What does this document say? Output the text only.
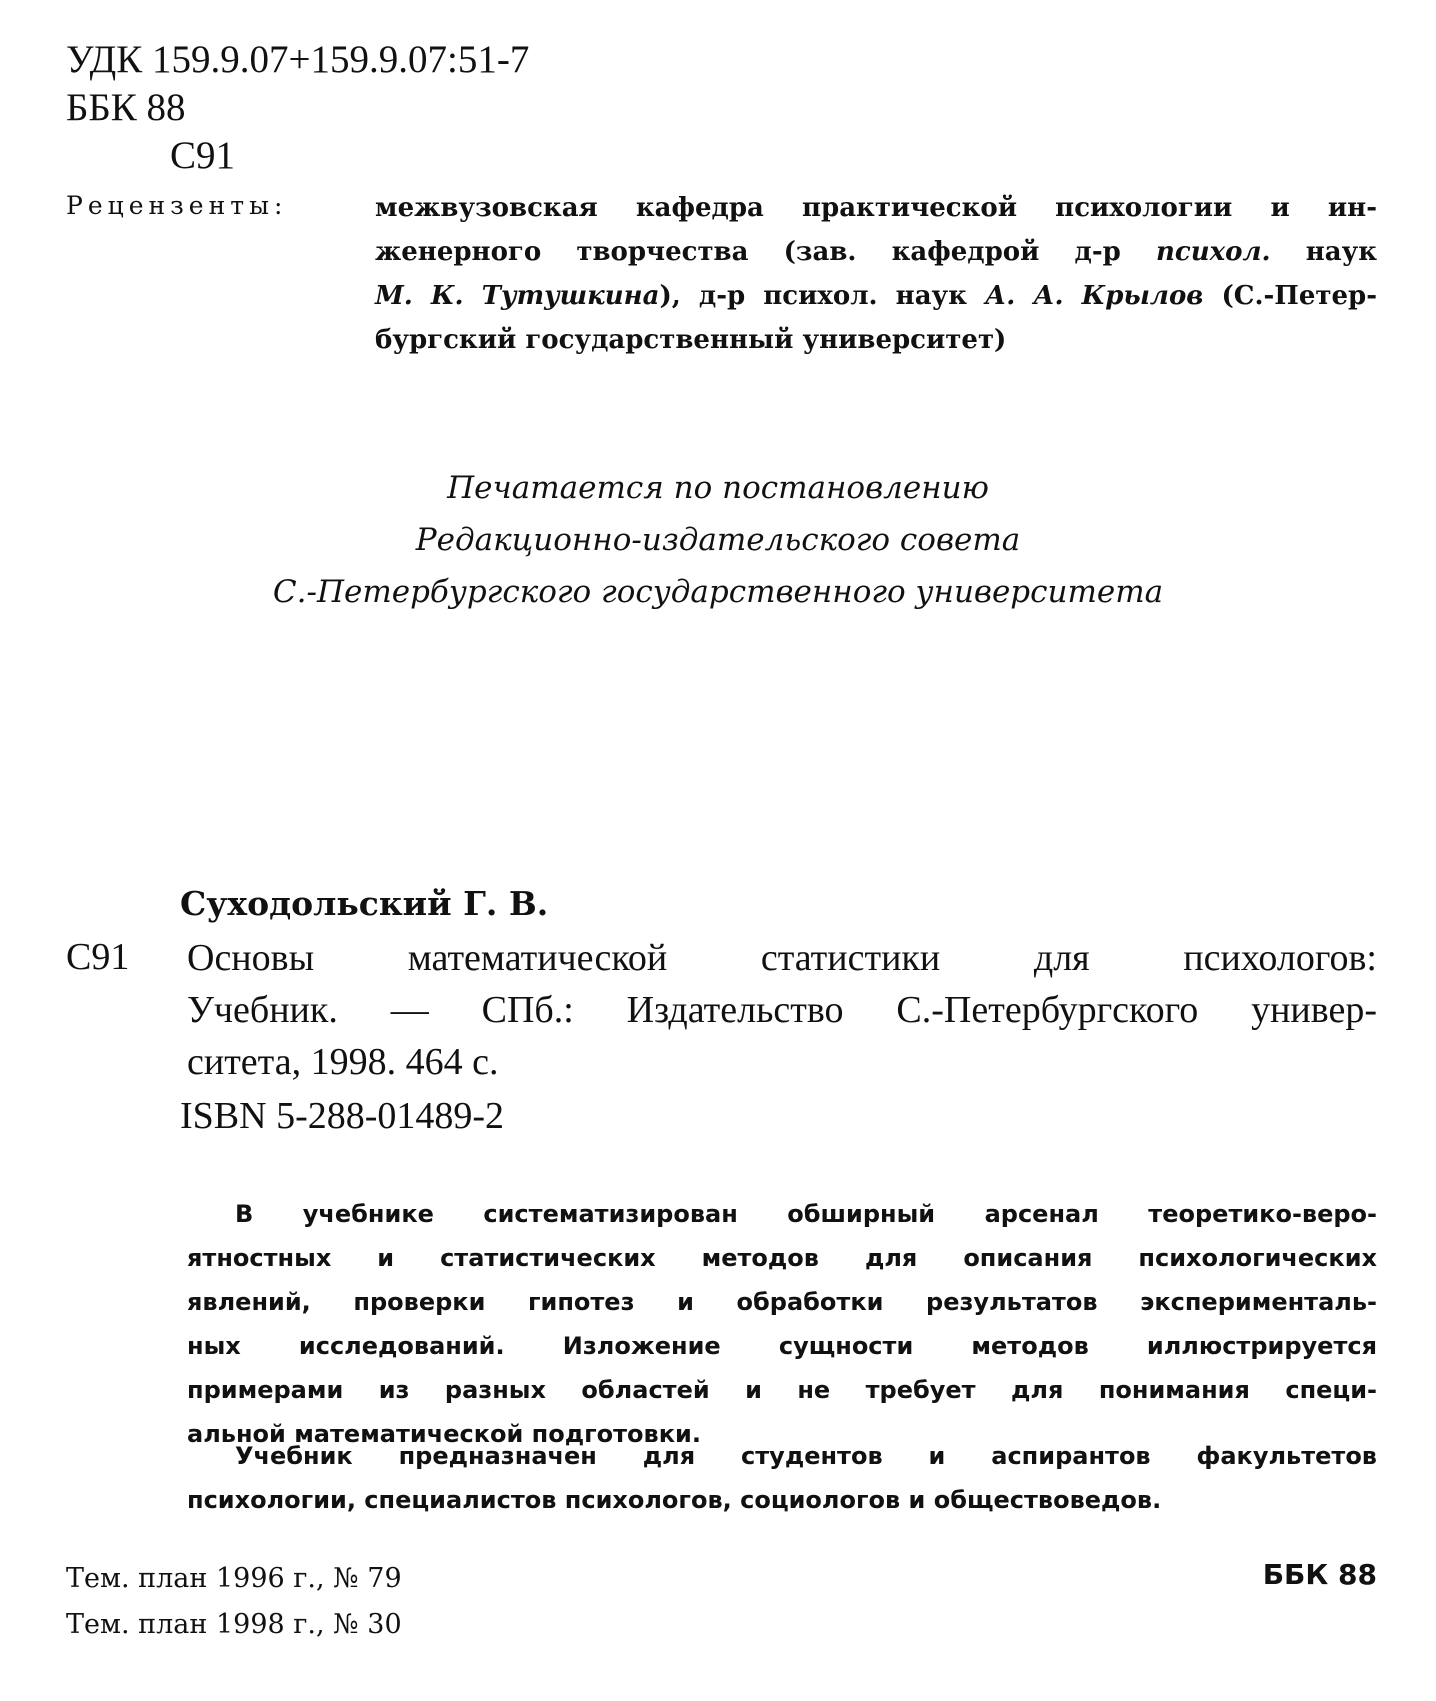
УДК 159.9.07+159.9.07:51-7
ББК 88
С91
Рецензенты:	межвузовская кафедра практической психологии и ин-
женерного творчества (зав. кафедрой д-р психол. наук
М. К. Тутушкина), д-р психол. наук А. А. Крылов (С.-Петер-
бургский государственный университет)
Печатается по постановлению
Редакционно-издательского совета
С.-Петербургского государственного университета
Суходольский Г. В.
С91 Основы математической статистики для психологов:
Учебник. — СПб.: Издательство С.-Петербургского универ-
ситета, 1998. 464 с.
ISBN 5-288-01489-2
В учебнике систематизирован обширный арсенал теоретико-веро-
ятностных и статистических методов для описания психологических
явлений, проверки гипотез и обработки результатов эксперименталь-
ных исследований. Изложение сущности методов иллюстрируется
примерами из разных областей и не требует для понимания специ-
альной математической подготовки.
Учебник предназначен для студентов и аспирантов факультетов
психологии, специалистов психологов, социологов и обществоведов.
Тем. план 1996 г., № 79
Тем. план 1998 г., № 30
ББК 88
